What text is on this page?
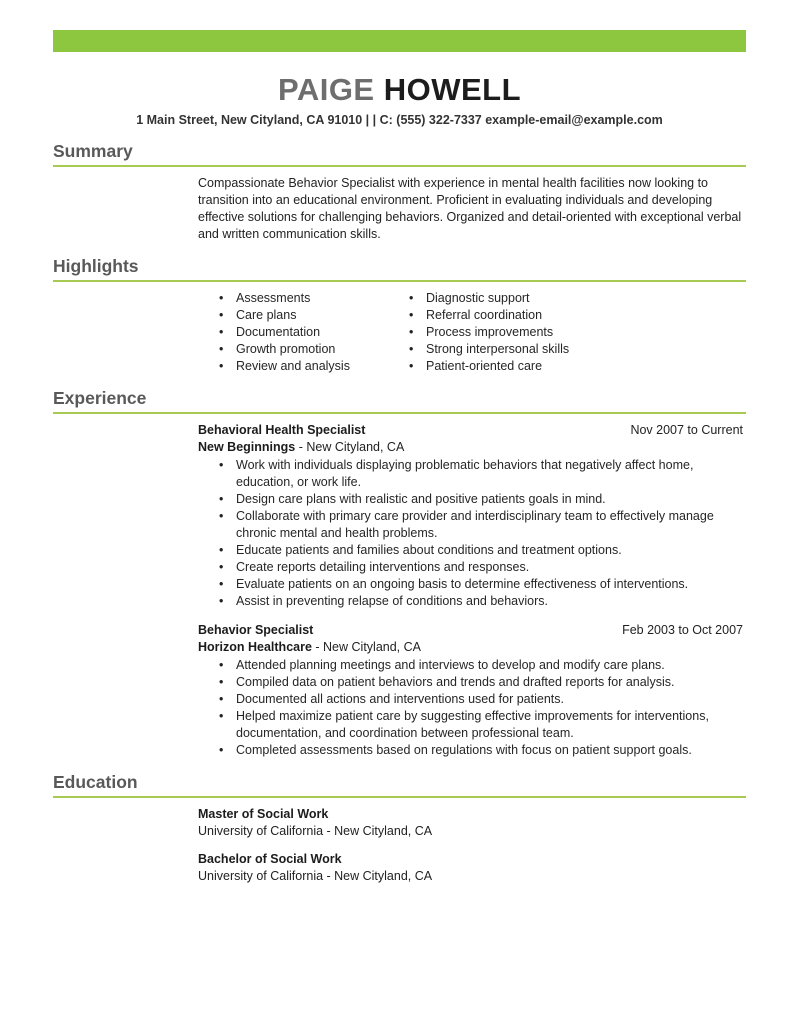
PAIGE HOWELL
1 Main Street, New Cityland, CA 91010 | | C: (555) 322-7337 example-email@example.com
Summary
Compassionate Behavior Specialist with experience in mental health facilities now looking to transition into an educational environment. Proficient in evaluating individuals and developing effective solutions for challenging behaviors. Organized and detail-oriented with exceptional verbal and written communication skills.
Highlights
• Assessments
• Care plans
• Documentation
• Growth promotion
• Review and analysis
• Diagnostic support
• Referral coordination
• Process improvements
• Strong interpersonal skills
• Patient-oriented care
Experience
Behavioral Health Specialist	Nov 2007 to Current
New Beginnings - New Cityland, CA
• Work with individuals displaying problematic behaviors that negatively affect home, education, or work life.
• Design care plans with realistic and positive patients goals in mind.
• Collaborate with primary care provider and interdisciplinary team to effectively manage chronic mental and health problems.
• Educate patients and families about conditions and treatment options.
• Create reports detailing interventions and responses.
• Evaluate patients on an ongoing basis to determine effectiveness of interventions.
• Assist in preventing relapse of conditions and behaviors.
Behavior Specialist	Feb 2003 to Oct 2007
Horizon Healthcare - New Cityland, CA
• Attended planning meetings and interviews to develop and modify care plans.
• Compiled data on patient behaviors and trends and drafted reports for analysis.
• Documented all actions and interventions used for patients.
• Helped maximize patient care by suggesting effective improvements for interventions, documentation, and coordination between professional team.
• Completed assessments based on regulations with focus on patient support goals.
Education
Master of Social Work
University of California - New Cityland, CA
Bachelor of Social Work
University of California - New Cityland, CA
